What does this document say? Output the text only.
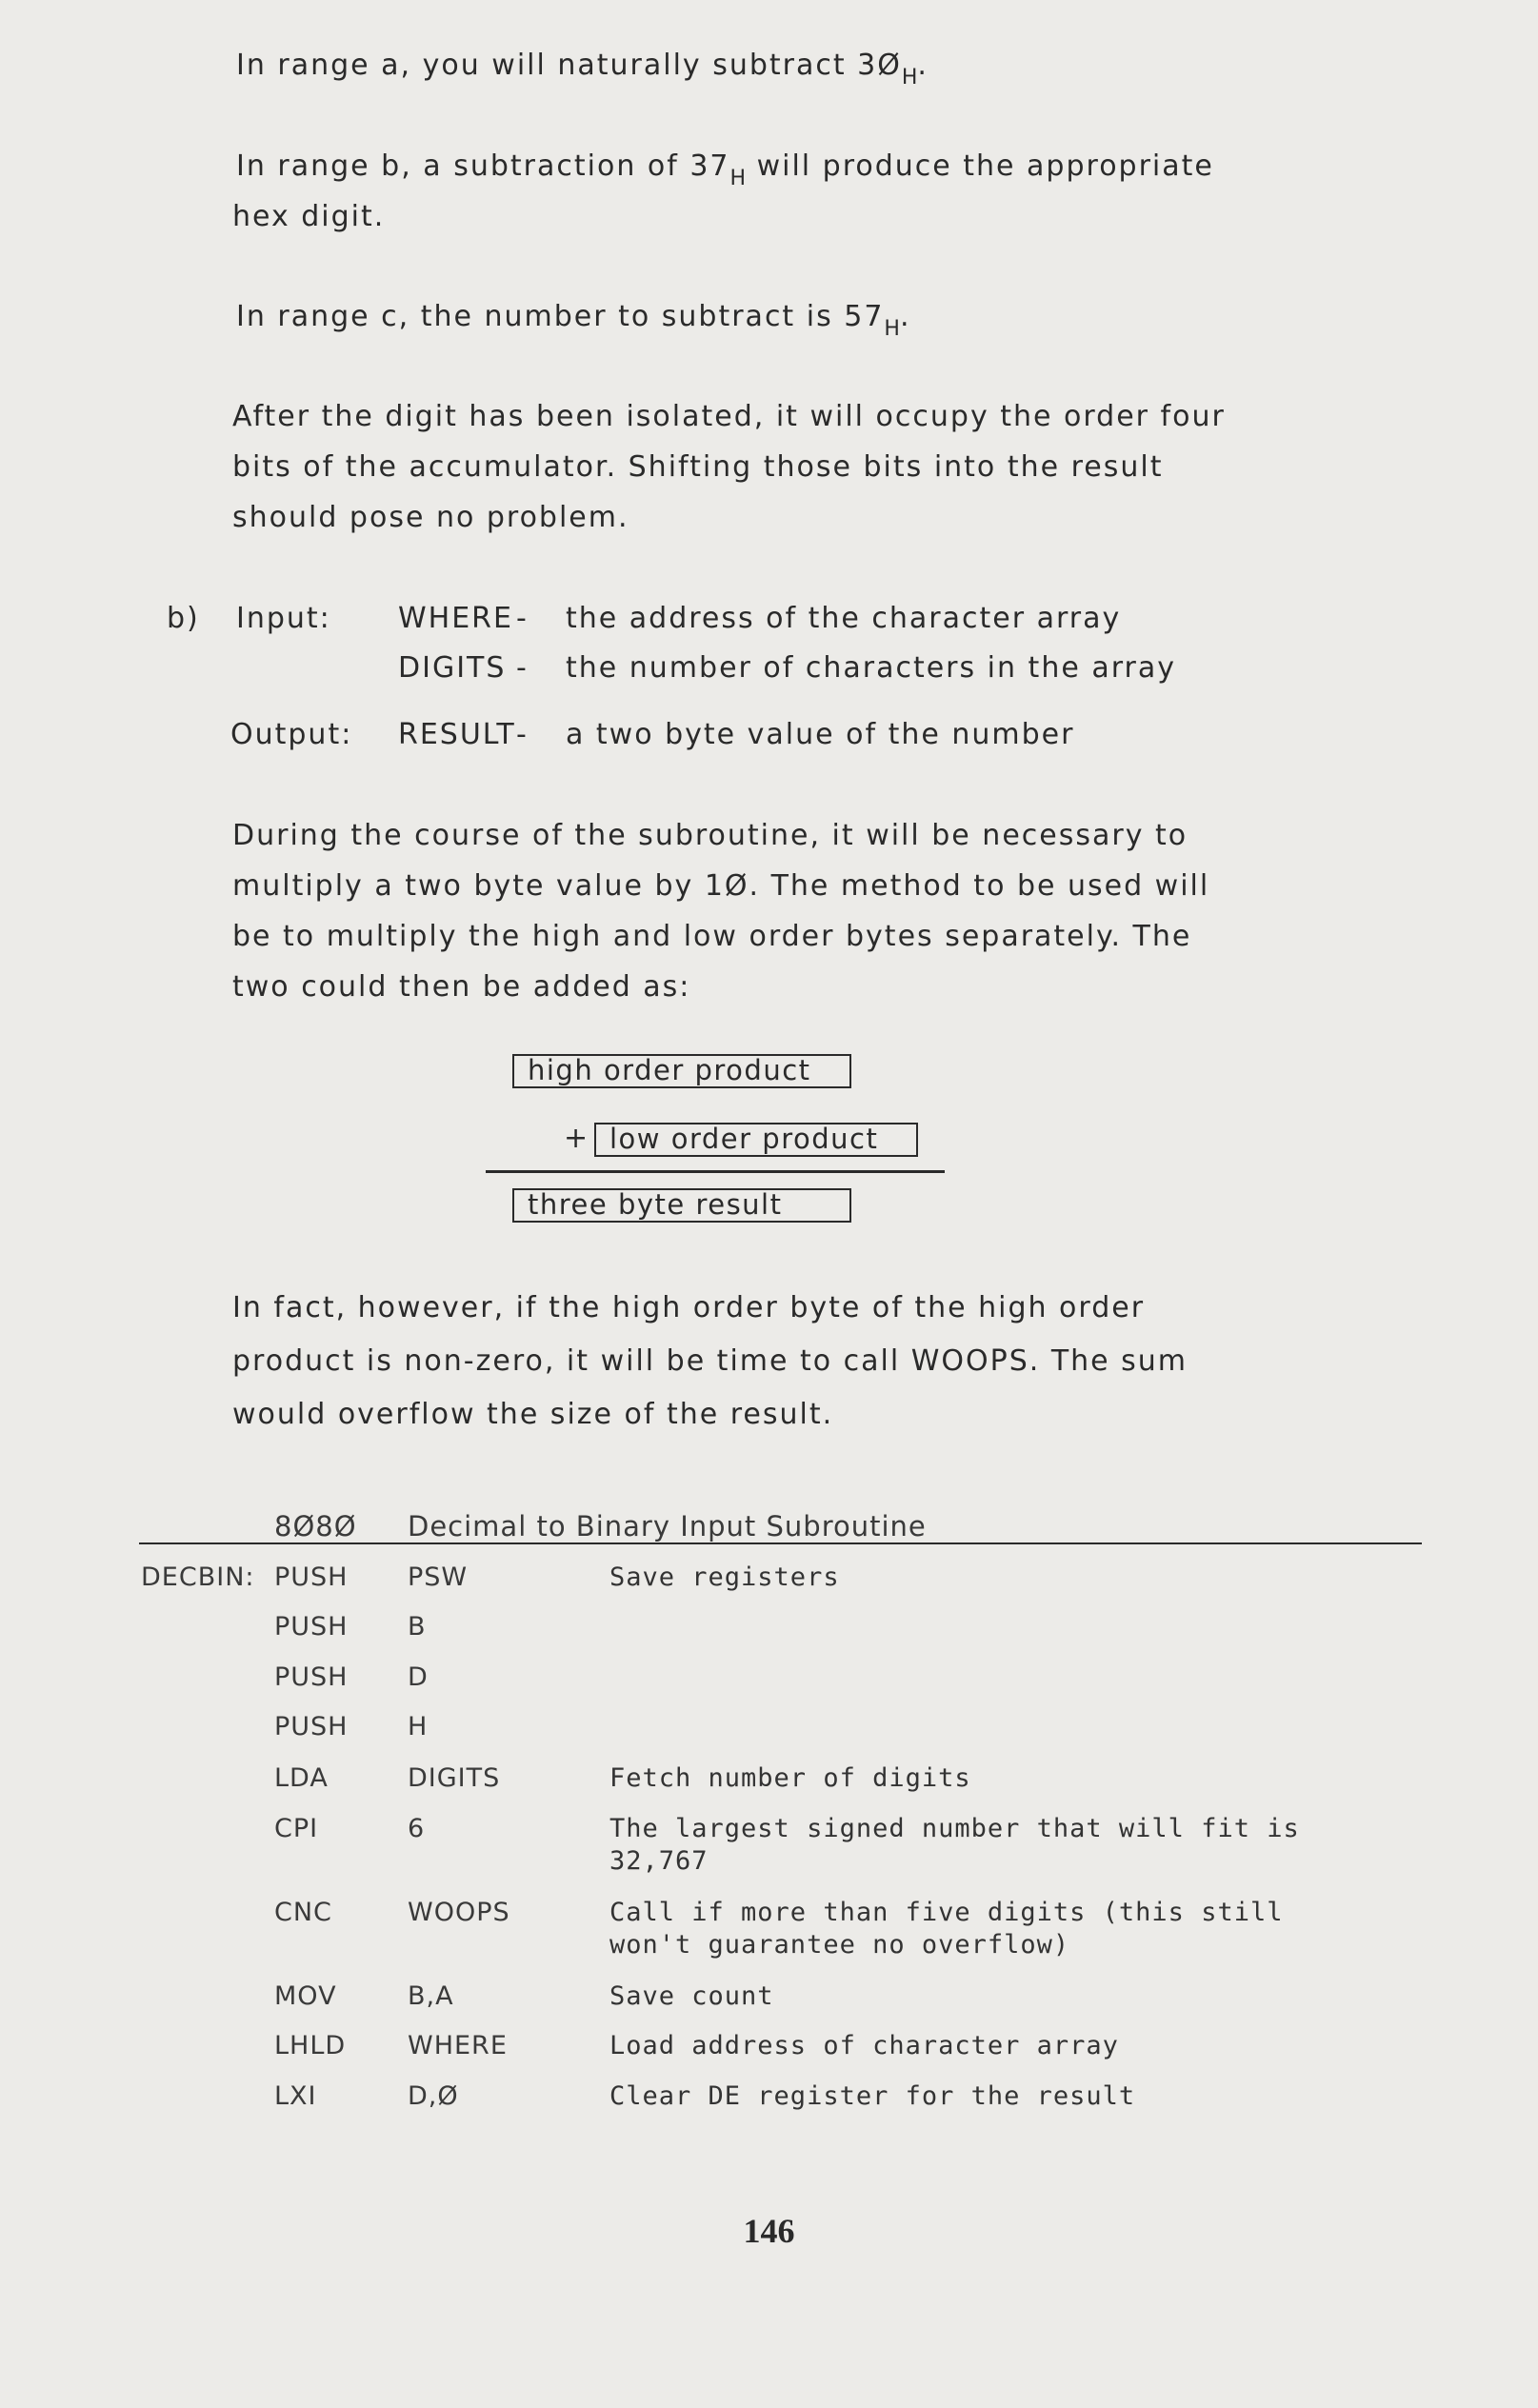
In range a, you will naturally subtract $3Ø_H$.
In range b, a subtraction of $37_H$ will produce the appropriate
hex digit.
In range c, the number to subtract is $57_H$.
After the digit has been isolated, it will occupy the order four
bits of the accumulator. Shifting those bits into the result
should pose no problem.
b) Input: WHERE - the address of the character array
DIGITS - the number of characters in the array
Output: RESULT - a two byte value of the number
During the course of the subroutine, it will be necessary to
multiply a two byte value by 1Ø. The method to be used will
be to multiply the high and low order bytes separately. The
two could then be added as:
high order product
+ low order product
three byte result
In fact, however, if the high order byte of the high order
product is non-zero, it will be time to call WOOPS. The sum
would overflow the size of the result.
8Ø8Ø Decimal to Binary Input Subroutine
DECBIN: PUSH PSW	Save registers
PUSH B
PUSH D
PUSH H
LDA	DIGITS	Fetch number of digits
CPI	6	The largest signed number that will fit is 32,767
CNC	WOOPS	Call if more than five digits (this still won't guarantee no overflow)
MOV	B,A	Save count
LHLD WHERE	Load address of character array
LXI	D,Ø	Clear DE register for the result
146
